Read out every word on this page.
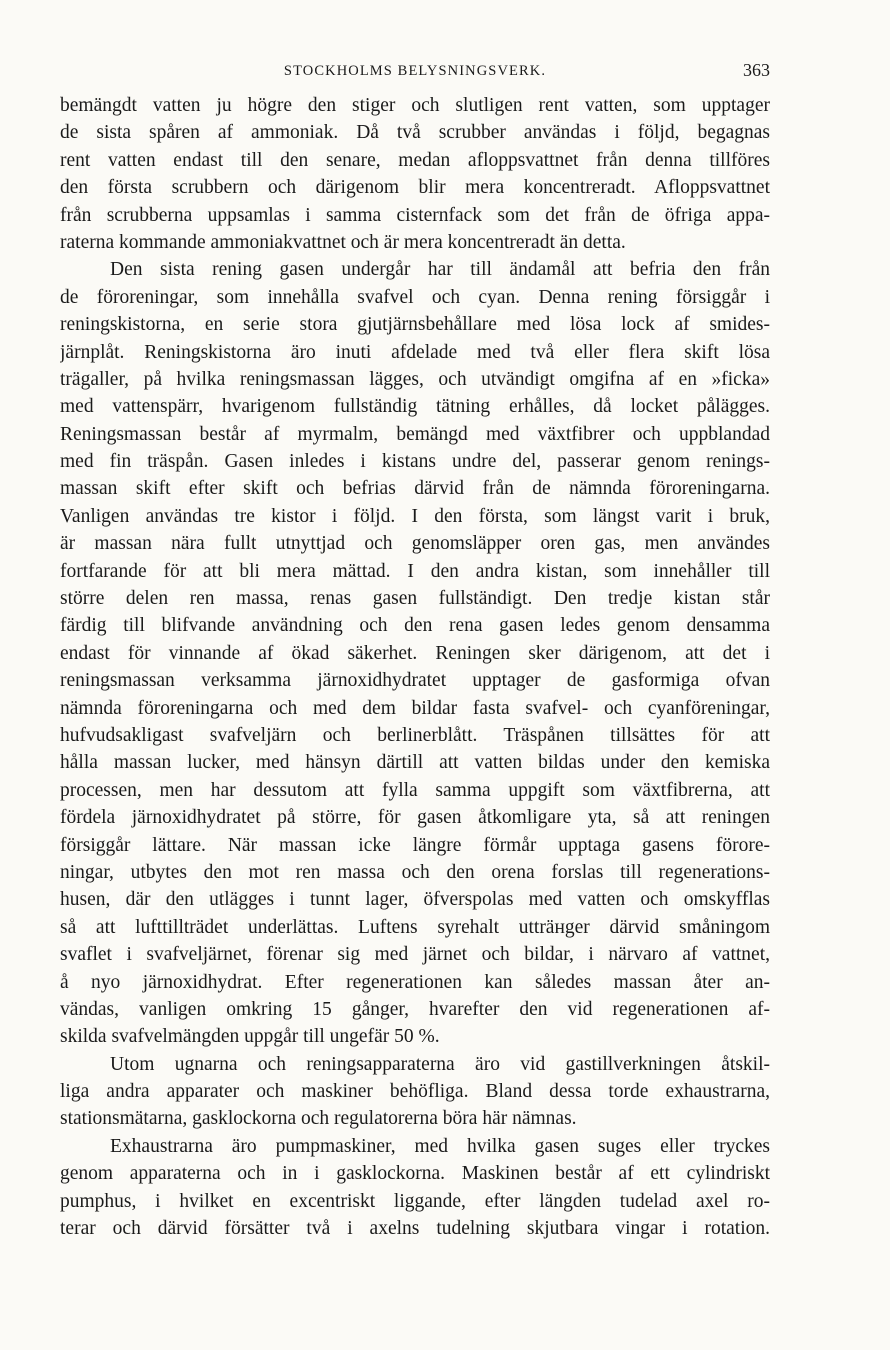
STOCKHOLMS BELYSNINGSVERK.	363
bemängdt vatten ju högre den stiger och slutligen rent vatten, som upptager
de sista spåren af ammoniak. Då två scrubber användas i följd, begagnas
rent vatten endast till den senare, medan afloppsvattnet från denna tillföres
den första scrubbern och därigenom blir mera koncentreradt. Afloppsvattnet
från scrubberna uppsamlas i samma cisternfack som det från de öfriga appa-
raterna kommande ammoniakvattnet och är mera koncentreradt än detta.
Den sista rening gasen undergår har till ändamål att befria den från
de föroreningar, som innehålla svafvel och cyan. Denna rening försiggår i
reningskistorna, en serie stora gjutjärnsbehållare med lösa lock af smides-
järnplåt. Reningskistorna äro inuti afdelade med två eller flera skift lösa
trägaller, på hvilka reningsmassan lägges, och utvändigt omgifna af en »ficka»
med vattenspärr, hvarigenom fullständig tätning erhålles, då locket pålägges.
Reningsmassan består af myrmalm, bemängd med växtfibrer och uppblandad
med fin träspån. Gasen inledes i kistans undre del, passerar genom renings-
massan skift efter skift och befrias därvid från de nämnda föroreningarna.
Vanligen användas tre kistor i följd. I den första, som längst varit i bruk,
är massan nära fullt utnyttjad och genomsläpper oren gas, men användes
fortfarande för att bli mera mättad. I den andra kistan, som innehåller till
större delen ren massa, renas gasen fullständigt. Den tredje kistan står
färdig till blifvande användning och den rena gasen ledes genom densamma
endast för vinnande af ökad säkerhet. Reningen sker därigenom, att det i
reningsmassan verksamma järnoxidhydratet upptager de gasformiga ofvan
nämnda föroreningarna och med dem bildar fasta svafvel- och cyanföreningar,
hufvudsakligast svafveljärn och berlinerblått. Träspånen tillsättes för att
hålla massan lucker, med hänsyn därtill att vatten bildas under den kemiska
processen, men har dessutom att fylla samma uppgift som växtfibrerna, att
fördela järnoxidhydratet på större, för gasen åtkomligare yta, så att reningen
försiggår lättare. När massan icke längre förmår upptaga gasens förore-
ningar, utbytes den mot ren massa och den orena forslas till regenerations-
husen, där den utlägges i tunnt lager, öfverspolas med vatten och omskyfflas
så att lufttillträdet underlättas. Luftens syrehalt utträнger därvid småningom
svaflet i svafveljärnet, förenar sig med järnet och bildar, i närvaro af vattnet,
å nyo järnoxidhydrat. Efter regenerationen kan således massan åter an-
vändas, vanligen omkring 15 gånger, hvarefter den vid regenerationen af-
skilda svafvelmängden uppgår till ungefär 50 %.
Utom ugnarna och reningsapparaterna äro vid gastillverkningen åtskil-
liga andra apparater och maskiner behöfliga. Bland dessa torde exhaustrarna,
stationsmätarna, gasklockorna och regulatorerna böra här nämnas.
Exhaustrarna äro pumpmaskiner, med hvilka gasen suges eller tryckes
genom apparaterna och in i gasklockorna. Maskinen består af ett cylindriskt
pumphus, i hvilket en excentriskt liggande, efter längden tudelad axel ro-
terar och därvid försätter två i axelns tudelning skjutbara vingar i rotation.
